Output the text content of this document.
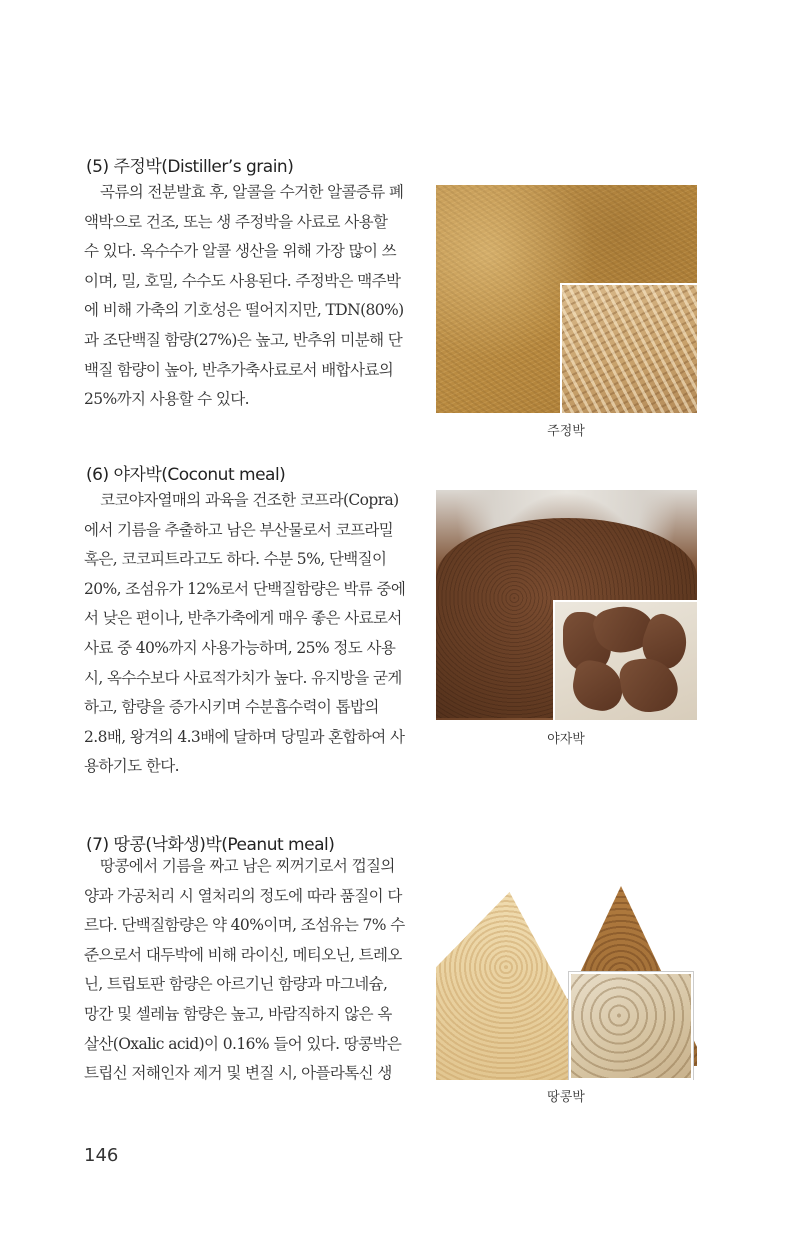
(5) 주정박(Distiller’s grain)
곡류의 전분발효 후, 알콜을 수거한 알콜증류 폐
액박으로 건조, 또는 생 주정박을 사료로 사용할
수 있다. 옥수수가 알콜 생산을 위해 가장 많이 쓰
이며, 밀, 호밀, 수수도 사용된다. 주정박은 맥주박
에 비해 가축의 기호성은 떨어지지만, TDN(80%)
과 조단백질 함량(27%)은 높고, 반추위 미분해 단
백질 함량이 높아, 반추가축사료로서 배합사료의
25%까지 사용할 수 있다.
주정박
(6) 야자박(Coconut meal)
코코야자열매의 과육을 건조한 코프라(Copra)
에서 기름을 추출하고 남은 부산물로서 코프라밀
혹은, 코코피트라고도 하다. 수분 5%, 단백질이
20%, 조섬유가 12%로서 단백질함량은 박류 중에
서 낮은 편이나, 반추가축에게 매우 좋은 사료로서
사료 중 40%까지 사용가능하며, 25% 정도 사용
시, 옥수수보다 사료적가치가 높다. 유지방을 굳게
하고, 함량을 증가시키며 수분흡수력이 톱밥의
2.8배, 왕겨의 4.3배에 달하며 당밀과 혼합하여 사
용하기도 한다.
야자박
(7) 땅콩(낙화생)박(Peanut meal)
땅콩에서 기름을 짜고 남은 찌꺼기로서 껍질의
양과 가공처리 시 열처리의 정도에 따라 품질이 다
르다. 단백질함량은 약 40%이며, 조섬유는 7% 수
준으로서 대두박에 비해 라이신, 메티오닌, 트레오
닌, 트립토판 함량은 아르기닌 함량과 마그네슘,
망간 및 셀레늄 함량은 높고, 바람직하지 않은 옥
살산(Oxalic acid)이 0.16% 들어 있다. 땅콩박은
트립신 저해인자 제거 및 변질 시, 아플라톡신 생
땅콩박
146
